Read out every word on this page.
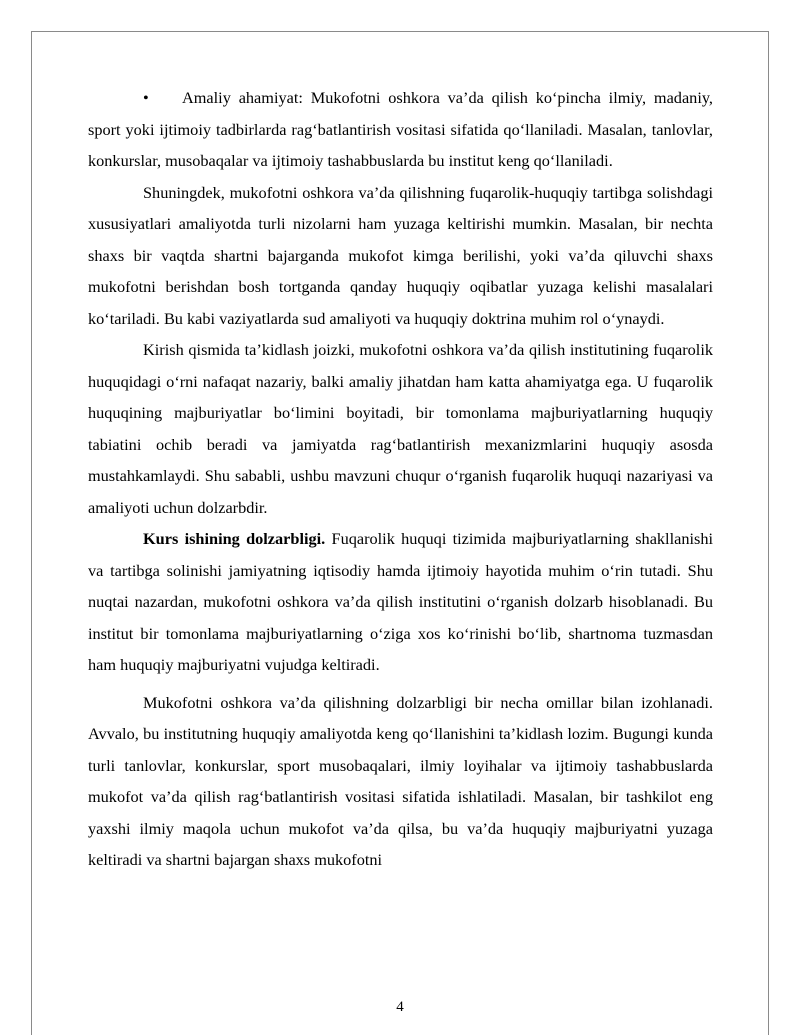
• Amaliy ahamiyat: Mukofotni oshkora va’da qilish ko‘pincha ilmiy, madaniy, sport yoki ijtimoiy tadbirlarda rag‘batlantirish vositasi sifatida qo‘llaniladi. Masalan, tanlovlar, konkurslar, musobaqalar va ijtimoiy tashabbuslarda bu institut keng qo‘llaniladi.

Shuningdek, mukofotni oshkora va’da qilishning fuqarolik-huquqiy tartibga solishdagi xususiyatlari amaliyotda turli nizolarni ham yuzaga keltirishi mumkin. Masalan, bir nechta shaxs bir vaqtda shartni bajarganda mukofot kimga berilishi, yoki va’da qiluvchi shaxs mukofotni berishdan bosh tortganda qanday huquqiy oqibatlar yuzaga kelishi masalalari ko‘tariladi. Bu kabi vaziyatlarda sud amaliyoti va huquqiy doktrina muhim rol o‘ynaydi.

Kirish qismida ta’kidlash joizki, mukofotni oshkora va’da qilish institutining fuqarolik huquqidagi o‘rni nafaqat nazariy, balki amaliy jihatdan ham katta ahamiyatga ega. U fuqarolik huquqining majburiyatlar bo‘limini boyitadi, bir tomonlama majburiyatlarning huquqiy tabiatini ochib beradi va jamiyatda rag‘batlantirish mexanizmlarini huquqiy asosda mustahkamlaydi. Shu sababli, ushbu mavzuni chuqur o‘rganish fuqarolik huquqi nazariyasi va amaliyoti uchun dolzarbdir.

Kurs ishining dolzarbligi. Fuqarolik huquqi tizimida majburiyatlarning shakllanishi va tartibga solinishi jamiyatning iqtisodiy hamda ijtimoiy hayotida muhim o‘rin tutadi. Shu nuqtai nazardan, mukofotni oshkora va’da qilish institutini o‘rganish dolzarb hisoblanadi. Bu institut bir tomonlama majburiyatlarning o‘ziga xos ko‘rinishi bo‘lib, shartnoma tuzmasdan ham huquqiy majburiyatni vujudga keltiradi.

Mukofotni oshkora va’da qilishning dolzarbligi bir necha omillar bilan izohlanadi. Avvalo, bu institutning huquqiy amaliyotda keng qo‘llanishini ta’kidlash lozim. Bugungi kunda turli tanlovlar, konkurslar, sport musobaqalari, ilmiy loyihalar va ijtimoiy tashabbuslarda mukofot va’da qilish rag‘batlantirish vositasi sifatida ishlatiladi. Masalan, bir tashkilot eng yaxshi ilmiy maqola uchun mukofot va’da qilsa, bu va’da huquqiy majburiyatni yuzaga keltiradi va shartni bajargan shaxs mukofotni

4
